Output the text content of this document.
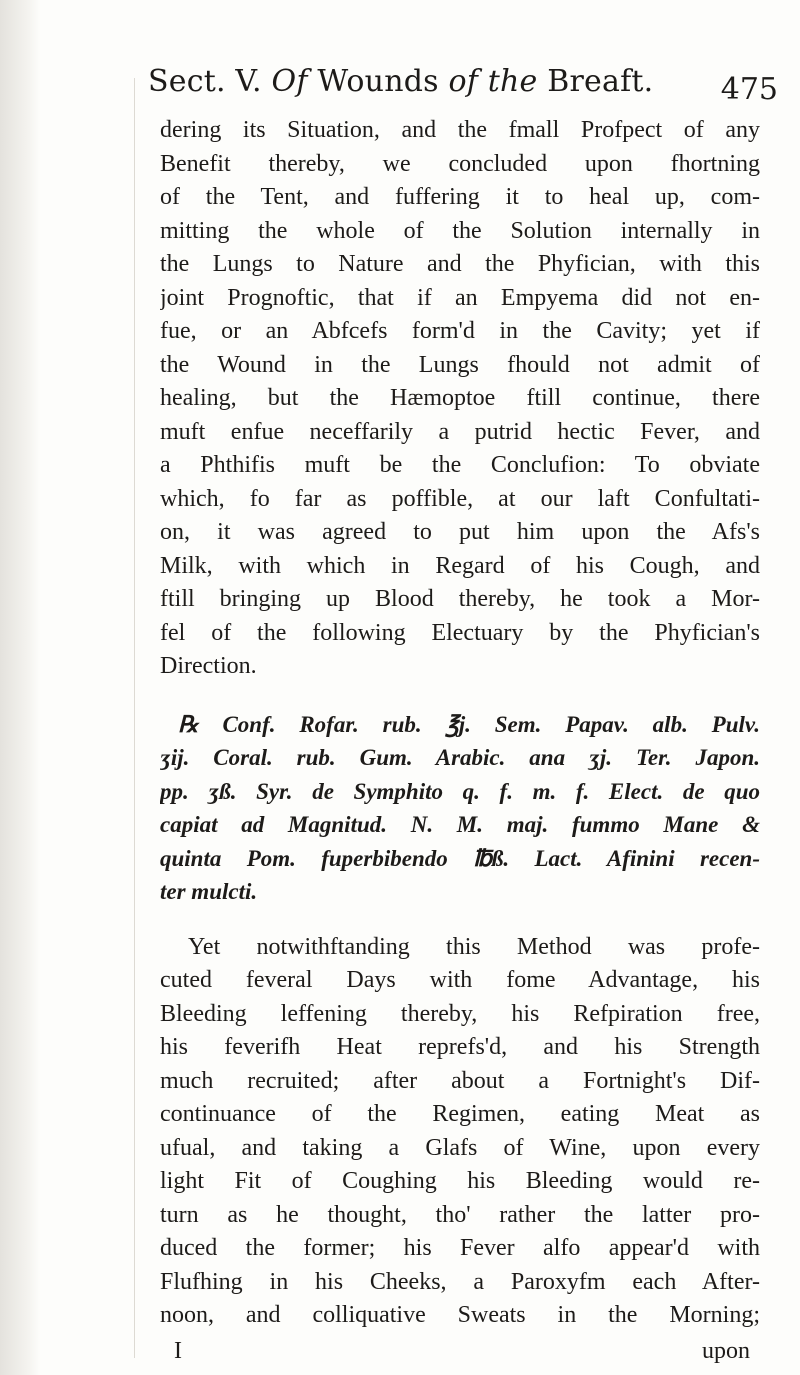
Sect. V. Of Wounds of the Breaft. 475
dering its Situation, and the fmall Profpect of any
Benefit thereby, we concluded upon fhortning
of the Tent, and fuffering it to heal up, com-
mitting the whole of the Solution internally in
the Lungs to Nature and the Phyfician, with this
joint Prognoftic, that if an Empyema did not en-
fue, or an Abfcefs form'd in the Cavity; yet if
the Wound in the Lungs fhould not admit of
healing, but the Hæmoptoe ftill continue, there
muft enfue neceffarily a putrid hectic Fever, and
a Phthifis muft be the Conclufion: To obviate
which, fo far as poffible, at our laft Confultati-
on, it was agreed to put him upon the Afs's
Milk, with which in Regard of his Cough, and
ftill bringing up Blood thereby, he took a Mor-
fel of the following Electuary by the Phyfician's
Direction.
℞ Conf. Rofar. rub. ℥j. Sem. Papav. alb. Pulv.
ʒij. Coral. rub. Gum. Arabic. ana ʒj. Ter. Japon.
pp. ʒß. Syr. de Symphito q. f. m. f. Elect. de quo
capiat ad Magnitud. N. M. maj. fummo Mane &
quinta Pom. fuperbibendo ℔ß. Lact. Afinini recen-
ter mulcti.
Yet notwithftanding this Method was profe-
cuted feveral Days with fome Advantage, his
Bleeding leffening thereby, his Refpiration free,
his feverifh Heat reprefs'd, and his Strength
much recruited; after about a Fortnight's Dif-
continuance of the Regimen, eating Meat as
ufual, and taking a Glafs of Wine, upon every
light Fit of Coughing his Bleeding would re-
turn as he thought, tho' rather the latter pro-
duced the former; his Fever alfo appear'd with
Flufhing in his Cheeks, a Paroxyfm each After-
noon, and colliquative Sweats in the Morning;
I	upon
